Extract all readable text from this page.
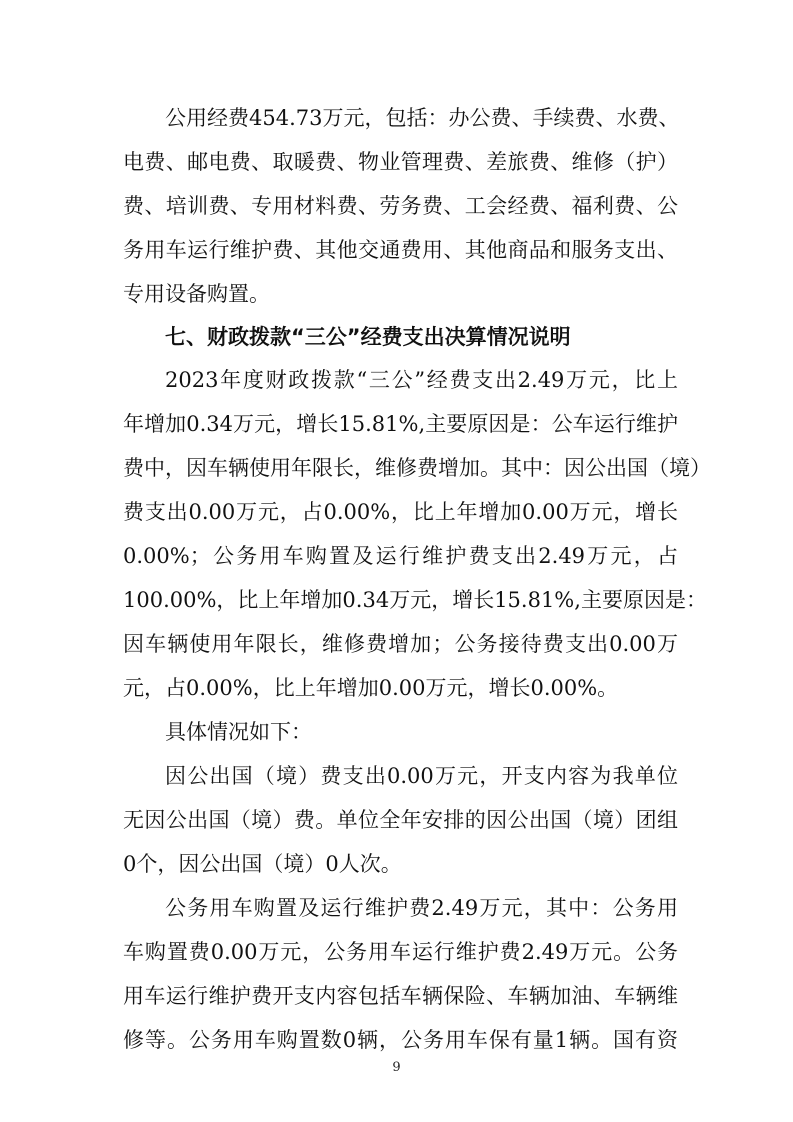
公用经费454.73万元，包括：办公费、手续费、水费、
电费、邮电费、取暖费、物业管理费、差旅费、维修（护）
费、培训费、专用材料费、劳务费、工会经费、福利费、公
务用车运行维护费、其他交通费用、其他商品和服务支出、
专用设备购置。
七、财政拨款“三公”经费支出决算情况说明
2023年度财政拨款“三公”经费支出2.49万元，比上
年增加0.34万元，增长15.81%,主要原因是：公车运行维护
费中，因车辆使用年限长，维修费增加。其中：因公出国（境）
费支出0.00万元，占0.00%，比上年增加0.00万元，增长
0.00%；公务用车购置及运行维护费支出2.49万元，占
100.00%，比上年增加0.34万元，增长15.81%,主要原因是：
因车辆使用年限长，维修费增加；公务接待费支出0.00万
元，占0.00%，比上年增加0.00万元，增长0.00%。
具体情况如下：
因公出国（境）费支出0.00万元，开支内容为我单位
无因公出国（境）费。单位全年安排的因公出国（境）团组
0个，因公出国（境）0人次。
公务用车购置及运行维护费2.49万元，其中：公务用
车购置费0.00万元，公务用车运行维护费2.49万元。公务
用车运行维护费开支内容包括车辆保险、车辆加油、车辆维
修等。公务用车购置数0辆，公务用车保有量1辆。国有资
9
